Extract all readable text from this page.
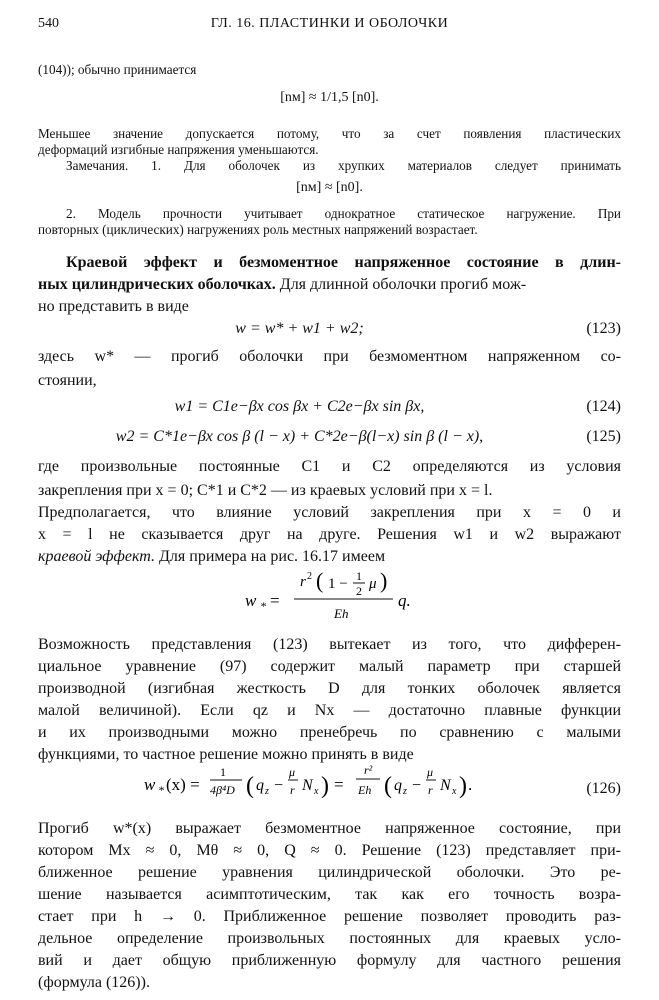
540	ГЛ. 16. ПЛАСТИНКИ И ОБОЛОЧКИ
(104)); обычно принимается
[nм] ≈ 1/1,5 [n0].
Меньшее значение допускается потому, что за счет появления пластических
деформаций изгибные напряжения уменьшаются.
Замечания. 1. Для оболочек из хрупких материалов следует принимать
[nм] ≈ [n0].
2. Модель прочности учитывает однократное статическое нагружение. При
повторных (циклических) нагружениях роль местных напряжений возрастает.
Краевой эффект и безмоментное напряженное состояние в длин-
ных цилиндрических оболочках. Для длинной оболочки прогиб мож-
но представить в виде
w = w* + w1 + w2;	(123)
здесь w* — прогиб оболочки при безмоментном напряженном со-
стоянии,
w1 = C1e−βx cos βx + C2e−βx sin βx,	(124)
w2 = C*1e−βx cos β (l − x) + C*2e−β(l−x) sin β (l − x),	(125)
где произвольные постоянные C1 и C2 определяются из условия
закрепления при x = 0; C*1 и C*2 — из краевых условий при x = l.
Предполагается, что влияние условий закрепления при x = 0 и
x = l не сказывается друг на друге. Решения w1 и w2 выражают
краевой эффект. Для примера на рис. 16.17 имеем
w * =
r 2 ( 1 − 1
2 μ )
Eh
q.
Возможность представления (123) вытекает из того, что дифферен-
циальное уравнение (97) содержит малый параметр при старшей
производной (изгибная жесткость D для тонких оболочек является
малой величиной). Если qz и Nx — достаточно плавные функции
и их производными можно пренебречь по сравнению с малыми
функциями, то частное решение можно принять в виде
w * (x) =
1
4β⁴D ( q z −
μ
r N x ) =
r²
Eh ( q z −
μ
r N x ) .	(126)
Прогиб w*(x) выражает безмоментное напряженное состояние, при
котором Mx ≈ 0, Mθ ≈ 0, Q ≈ 0. Решение (123) представляет при-
ближенное решение уравнения цилиндрической оболочки. Это ре-
шение называется асимптотическим, так как его точность возра-
стает при h → 0. Приближенное решение позволяет проводить раз-
дельное определение произвольных постоянных для краевых усло-
вий и дает общую приближенную формулу для частного решения
(формула (126)).
